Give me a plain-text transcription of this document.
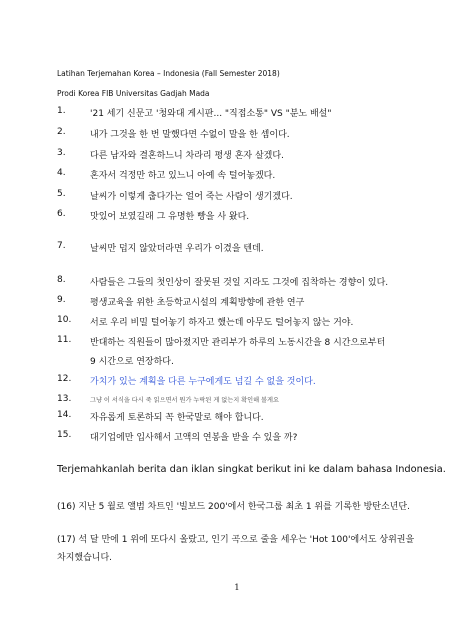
Latihan Terjemahan Korea – Indonesia (Fall Semester 2018)
Prodi Korea FIB Universitas Gadjah Mada
1.	'21 세기 신문고 '청와대 게시판... "직접소통" VS "분노 배설"
2.	내가 그것을 한 번 말했다면 수없이 말을 한 셈이다.
3.	다른 남자와 결혼하느니 차라리 평생 혼자 살겠다.
4.	혼자서 걱정만 하고 있느니 아예 속 털어놓겠다.
5.	날씨가 이렇게 춥다가는 얼어 죽는 사람이 생기겠다.
6.	맛있어 보였길래 그 유명한 빵을 사 왔다.
7.	날씨만 덥지 않았더라면 우리가 이겼을 텐데.
8.	사람들은 그들의 첫인상이 잘못된 것일 지라도 그것에 집착하는 경향이 있다.
9.	평생교육을 위한 초등학교시설의 계획방향에 관한 연구
10. 서로 우리 비밀 털어놓기 하자고 했는데 아무도 털어놓지 않는 거야.
11. 반대하는 직원들이 많아졌지만 관리부가 하루의 노동시간을 8 시간으로부터
9 시간으로 연장하다.
12. 가치가 있는 계획을 다른 누구에게도 넘길 수 없을 것이다.
13.	그냥 이 서식을 다시 죽 읽으면서 뭔가 누락된 게 없는지 확인해 볼게요
14. 자유롭게 토론하되 꼭 한국말로 해야 합니다.
15. 대기업에만 입사해서 고액의 연봉을 받을 수 있을 까?
Terjemahkanlah berita dan iklan singkat berikut ini ke dalam bahasa Indonesia.
(16) 지난 5 월로 앨범 차트인 '빌보드 200'에서 한국그룹 최초 1 위를 기록한 방탄소년단.
(17) 석 달 만에 1 위에 또다시 올랐고, 인기 곡으로 줄을 세우는 'Hot 100'에서도 상위권을
차지했습니다.
1
